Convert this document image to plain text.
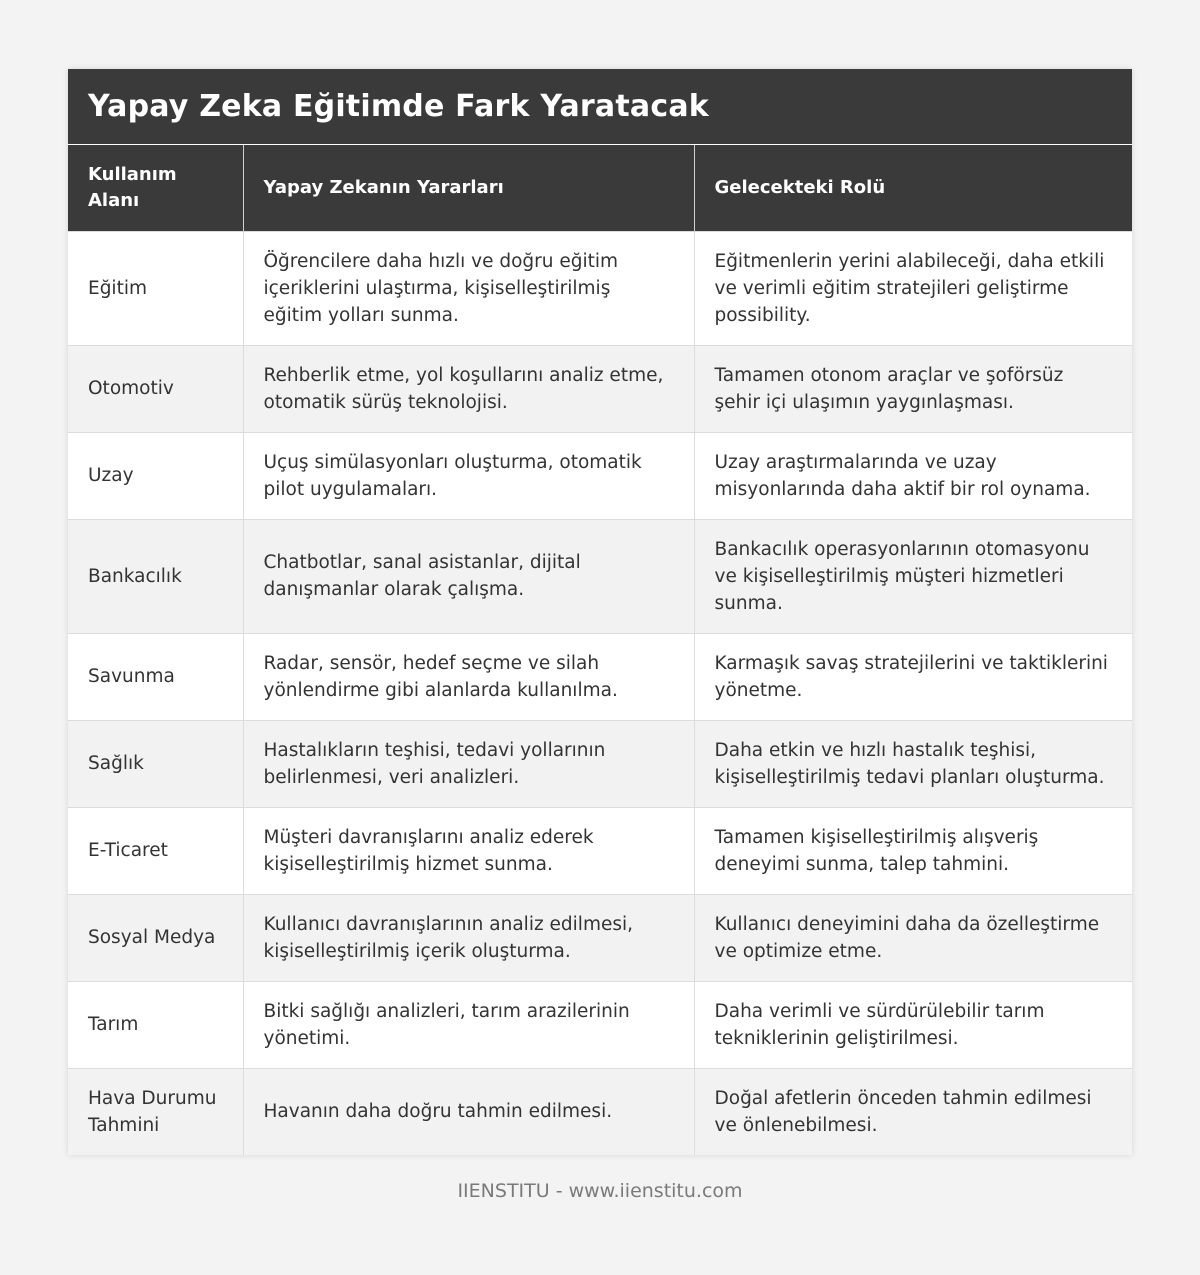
Yapay Zeka Eğitimde Fark Yaratacak
Kullanım Alanı	Yapay Zekanın Yararları	Gelecekteki Rolü
Eğitim	Öğrencilere daha hızlı ve doğru eğitim içeriklerini ulaştırma, kişiselleştirilmiş eğitim yolları sunma.	Eğitmenlerin yerini alabileceği, daha etkili ve verimli eğitim stratejileri geliştirme possibility.
Otomotiv	Rehberlik etme, yol koşullarını analiz etme, otomatik sürüş teknolojisi.	Tamamen otonom araçlar ve şoförsüz şehir içi ulaşımın yaygınlaşması.
Uzay	Uçuş simülasyonları oluşturma, otomatik pilot uygulamaları.	Uzay araştırmalarında ve uzay misyonlarında daha aktif bir rol oynama.
Bankacılık	Chatbotlar, sanal asistanlar, dijital danışmanlar olarak çalışma.	Bankacılık operasyonlarının otomasyonu ve kişiselleştirilmiş müşteri hizmetleri sunma.
Savunma	Radar, sensör, hedef seçme ve silah yönlendirme gibi alanlarda kullanılma.	Karmaşık savaş stratejilerini ve taktiklerini yönetme.
Sağlık	Hastalıkların teşhisi, tedavi yollarının belirlenmesi, veri analizleri.	Daha etkin ve hızlı hastalık teşhisi, kişiselleştirilmiş tedavi planları oluşturma.
E-Ticaret	Müşteri davranışlarını analiz ederek kişiselleştirilmiş hizmet sunma.	Tamamen kişiselleştirilmiş alışveriş deneyimi sunma, talep tahmini.
Sosyal Medya	Kullanıcı davranışlarının analiz edilmesi, kişiselleştirilmiş içerik oluşturma.	Kullanıcı deneyimini daha da özelleştirme ve optimize etme.
Tarım	Bitki sağlığı analizleri, tarım arazilerinin yönetimi.	Daha verimli ve sürdürülebilir tarım tekniklerinin geliştirilmesi.
Hava Durumu Tahmini	Havanın daha doğru tahmin edilmesi.	Doğal afetlerin önceden tahmin edilmesi ve önlenebilmesi.
IIENSTITU - www.iienstitu.com
